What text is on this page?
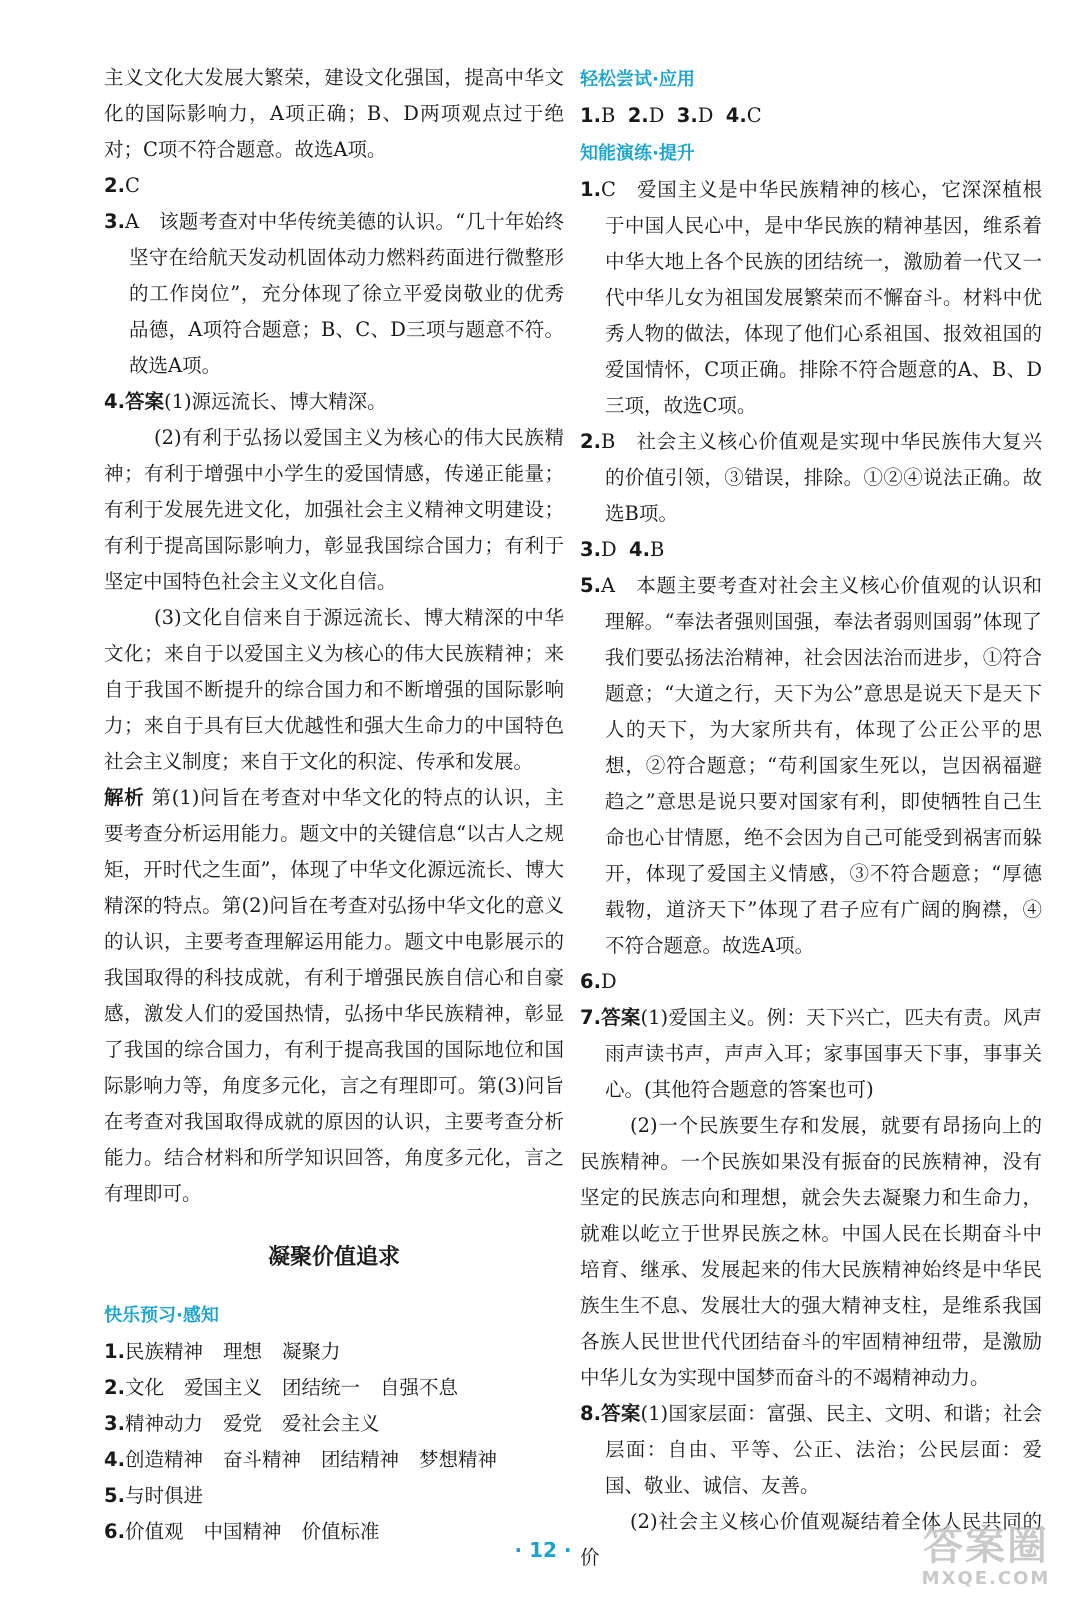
主义文化大发展大繁荣，建设文化强国，提高中华文化的国际影响力，A项正确；B、D两项观点过于绝对；C项不符合题意。故选A项。

2.C

3.A　该题考查对中华传统美德的认识。“几十年始终坚守在给航天发动机固体动力燃料药面进行微整形的工作岗位”，充分体现了徐立平爱岗敬业的优秀品德，A项符合题意；B、C、D三项与题意不符。故选A项。

4.答案(1)源远流长、博大精深。

(2)有利于弘扬以爱国主义为核心的伟大民族精神；有利于增强中小学生的爱国情感，传递正能量；有利于发展先进文化，加强社会主义精神文明建设；有利于提高国际影响力，彰显我国综合国力；有利于坚定中国特色社会主义文化自信。

(3)文化自信来自于源远流长、博大精深的中华文化；来自于以爱国主义为核心的伟大民族精神；来自于我国不断提升的综合国力和不断增强的国际影响力；来自于具有巨大优越性和强大生命力的中国特色社会主义制度；来自于文化的积淀、传承和发展。

解析 第(1)问旨在考查对中华文化的特点的认识，主要考查分析运用能力。题文中的关键信息“以古人之规矩，开时代之生面”，体现了中华文化源远流长、博大精深的特点。第(2)问旨在考查对弘扬中华文化的意义的认识，主要考查理解运用能力。题文中电影展示的我国取得的科技成就，有利于增强民族自信心和自豪感，激发人们的爱国热情，弘扬中华民族精神，彰显了我国的综合国力，有利于提高我国的国际地位和国际影响力等，角度多元化，言之有理即可。第(3)问旨在考查对我国取得成就的原因的认识，主要考查分析能力。结合材料和所学知识回答，角度多元化，言之有理即可。

凝聚价值追求
快乐预习·感知

1.民族精神 理想 凝聚力

2.文化 爱国主义 团结统一 自强不息

3.精神动力 爱党 爱社会主义

4.创造精神 奋斗精神 团结精神 梦想精神

5.与时俱进

6.价值观 中国精神 价值标准

轻松尝试·应用

1.B 2.D 3.D 4.C

知能演练·提升

1.C　爱国主义是中华民族精神的核心，它深深植根于中国人民心中，是中华民族的精神基因，维系着中华大地上各个民族的团结统一，激励着一代又一代中华儿女为祖国发展繁荣而不懈奋斗。材料中优秀人物的做法，体现了他们心系祖国、报效祖国的爱国情怀，C项正确。排除不符合题意的A、B、D三项，故选C项。

2.B　社会主义核心价值观是实现中华民族伟大复兴的价值引领，③错误，排除。①②④说法正确。故选B项。

3.D 4.B

5.A　本题主要考查对社会主义核心价值观的认识和理解。“奉法者强则国强，奉法者弱则国弱”体现了我们要弘扬法治精神，社会因法治而进步，①符合题意；“大道之行，天下为公”意思是说天下是天下人的天下，为大家所共有，体现了公正公平的思想，②符合题意；“苟利国家生死以，岂因祸福避趋之”意思是说只要对国家有利，即使牺牲自己生命也心甘情愿，绝不会因为自己可能受到祸害而躲开，体现了爱国主义情感，③不符合题意；“厚德载物，道济天下”体现了君子应有广阔的胸襟，④不符合题意。故选A项。

6.D

7.答案(1)爱国主义。例：天下兴亡，匹夫有责。风声雨声读书声，声声入耳；家事国事天下事，事事关心。(其他符合题意的答案也可)

(2)一个民族要生存和发展，就要有昂扬向上的民族精神。一个民族如果没有振奋的民族精神，没有坚定的民族志向和理想，就会失去凝聚力和生命力，就难以屹立于世界民族之林。中国人民在长期奋斗中培育、继承、发展起来的伟大民族精神始终是中华民族生生不息、发展壮大的强大精神支柱，是维系我国各族人民世世代代团结奋斗的牢固精神纽带，是激励中华儿女为实现中国梦而奋斗的不竭精神动力。

8.答案(1)国家层面：富强、民主、文明、和谐；社会层面：自由、平等、公正、法治；公民层面：爱国、敬业、诚信、友善。

(2)社会主义核心价值观凝结着全体人民共同的价

· 12 ·	答案圈
MXQE.COM
